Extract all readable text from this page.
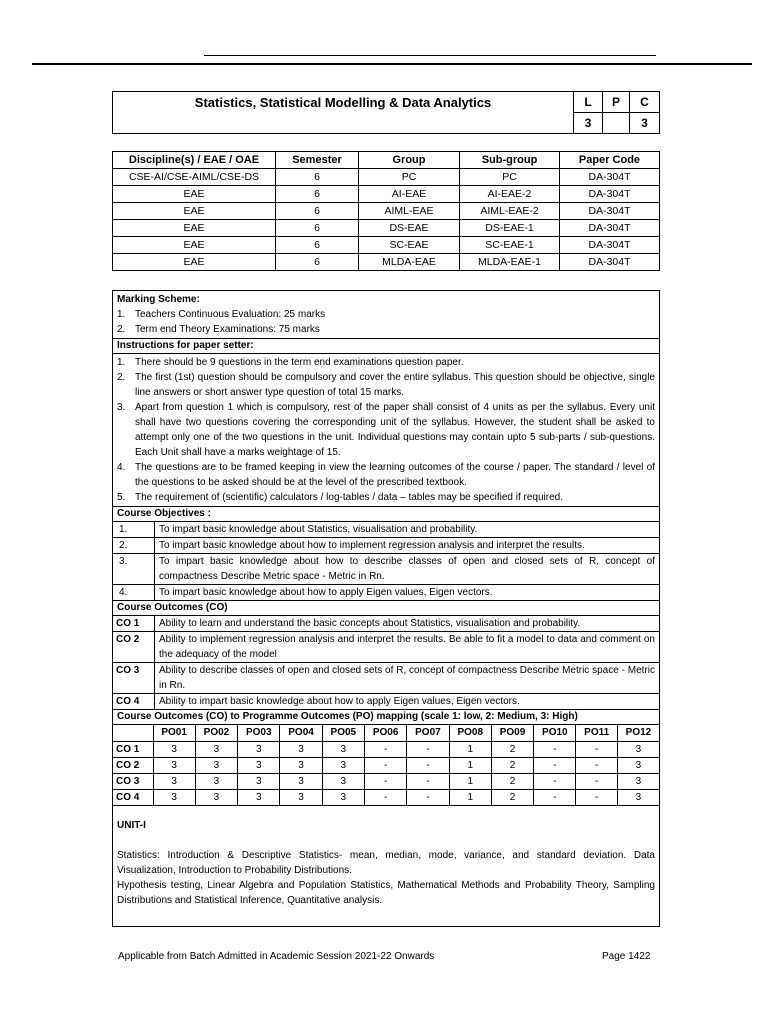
Statistics, Statistical Modelling & Data Analytics	L	P	C
	3		3
Discipline(s) / EAE / OAE	Semester	Group	Sub-group	Paper Code
CSE-AI/CSE-AIML/CSE-DS	6	PC	PC	DA-304T
EAE	6	AI-EAE	AI-EAE-2	DA-304T
EAE	6	AIML-EAE	AIML-EAE-2	DA-304T
EAE	6	DS-EAE	DS-EAE-1	DA-304T
EAE	6	SC-EAE	SC-EAE-1	DA-304T
EAE	6	MLDA-EAE	MLDA-EAE-1	DA-304T
Marking Scheme:
1. Teachers Continuous Evaluation: 25 marks
2. Term end Theory Examinations: 75 marks
Instructions for paper setter:
1. There should be 9 questions in the term end examinations question paper.
2. The first (1st) question should be compulsory and cover the entire syllabus. This question should be objective, single line answers or short answer type question of total 15 marks.
3. Apart from question 1 which is compulsory, rest of the paper shall consist of 4 units as per the syllabus. Every unit shall have two questions covering the corresponding unit of the syllabus. However, the student shall be asked to attempt only one of the two questions in the unit. Individual questions may contain upto 5 sub-parts / sub-questions. Each Unit shall have a marks weightage of 15.
4. The questions are to be framed keeping in view the learning outcomes of the course / paper. The standard / level of the questions to be asked should be at the level of the prescribed textbook.
5. The requirement of (scientific) calculators / log-tables / data – tables may be specified if required.
Course Objectives :
1.	To impart basic knowledge about Statistics, visualisation and probability.
2.	To impart basic knowledge about how to implement regression analysis and interpret the results.
3.	To impart basic knowledge about how to describe classes of open and closed sets of R, concept of compactness Describe Metric space - Metric in Rn.
4.	To impart basic knowledge about how to apply Eigen values, Eigen vectors.
Course Outcomes (CO)
CO 1	Ability to learn and understand the basic concepts about Statistics, visualisation and probability.
CO 2	Ability to implement regression analysis and interpret the results. Be able to fit a model to data and comment on the adequacy of the model
CO 3	Ability to describe classes of open and closed sets of R, concept of compactness Describe Metric space - Metric in Rn.
CO 4	Ability to impart basic knowledge about how to apply Eigen values, Eigen vectors.
Course Outcomes (CO) to Programme Outcomes (PO) mapping (scale 1: low, 2: Medium, 3: High)
	PO01	PO02	PO03	PO04	PO05	PO06	PO07	PO08	PO09	PO10	PO11	PO12
CO 1	3	3	3	3	3	-	-	1	2	-	-	3
CO 2	3	3	3	3	3	-	-	1	2	-	-	3
CO 3	3	3	3	3	3	-	-	1	2	-	-	3
CO 4	3	3	3	3	3	-	-	1	2	-	-	3
UNIT-I
Statistics: Introduction & Descriptive Statistics- mean, median, mode, variance, and standard deviation. Data Visualization, Introduction to Probability Distributions.
Hypothesis testing, Linear Algebra and Population Statistics, Mathematical Methods and Probability Theory, Sampling Distributions and Statistical Inference, Quantitative analysis.
Applicable from Batch Admitted in Academic Session 2021-22 Onwards	Page 1422
